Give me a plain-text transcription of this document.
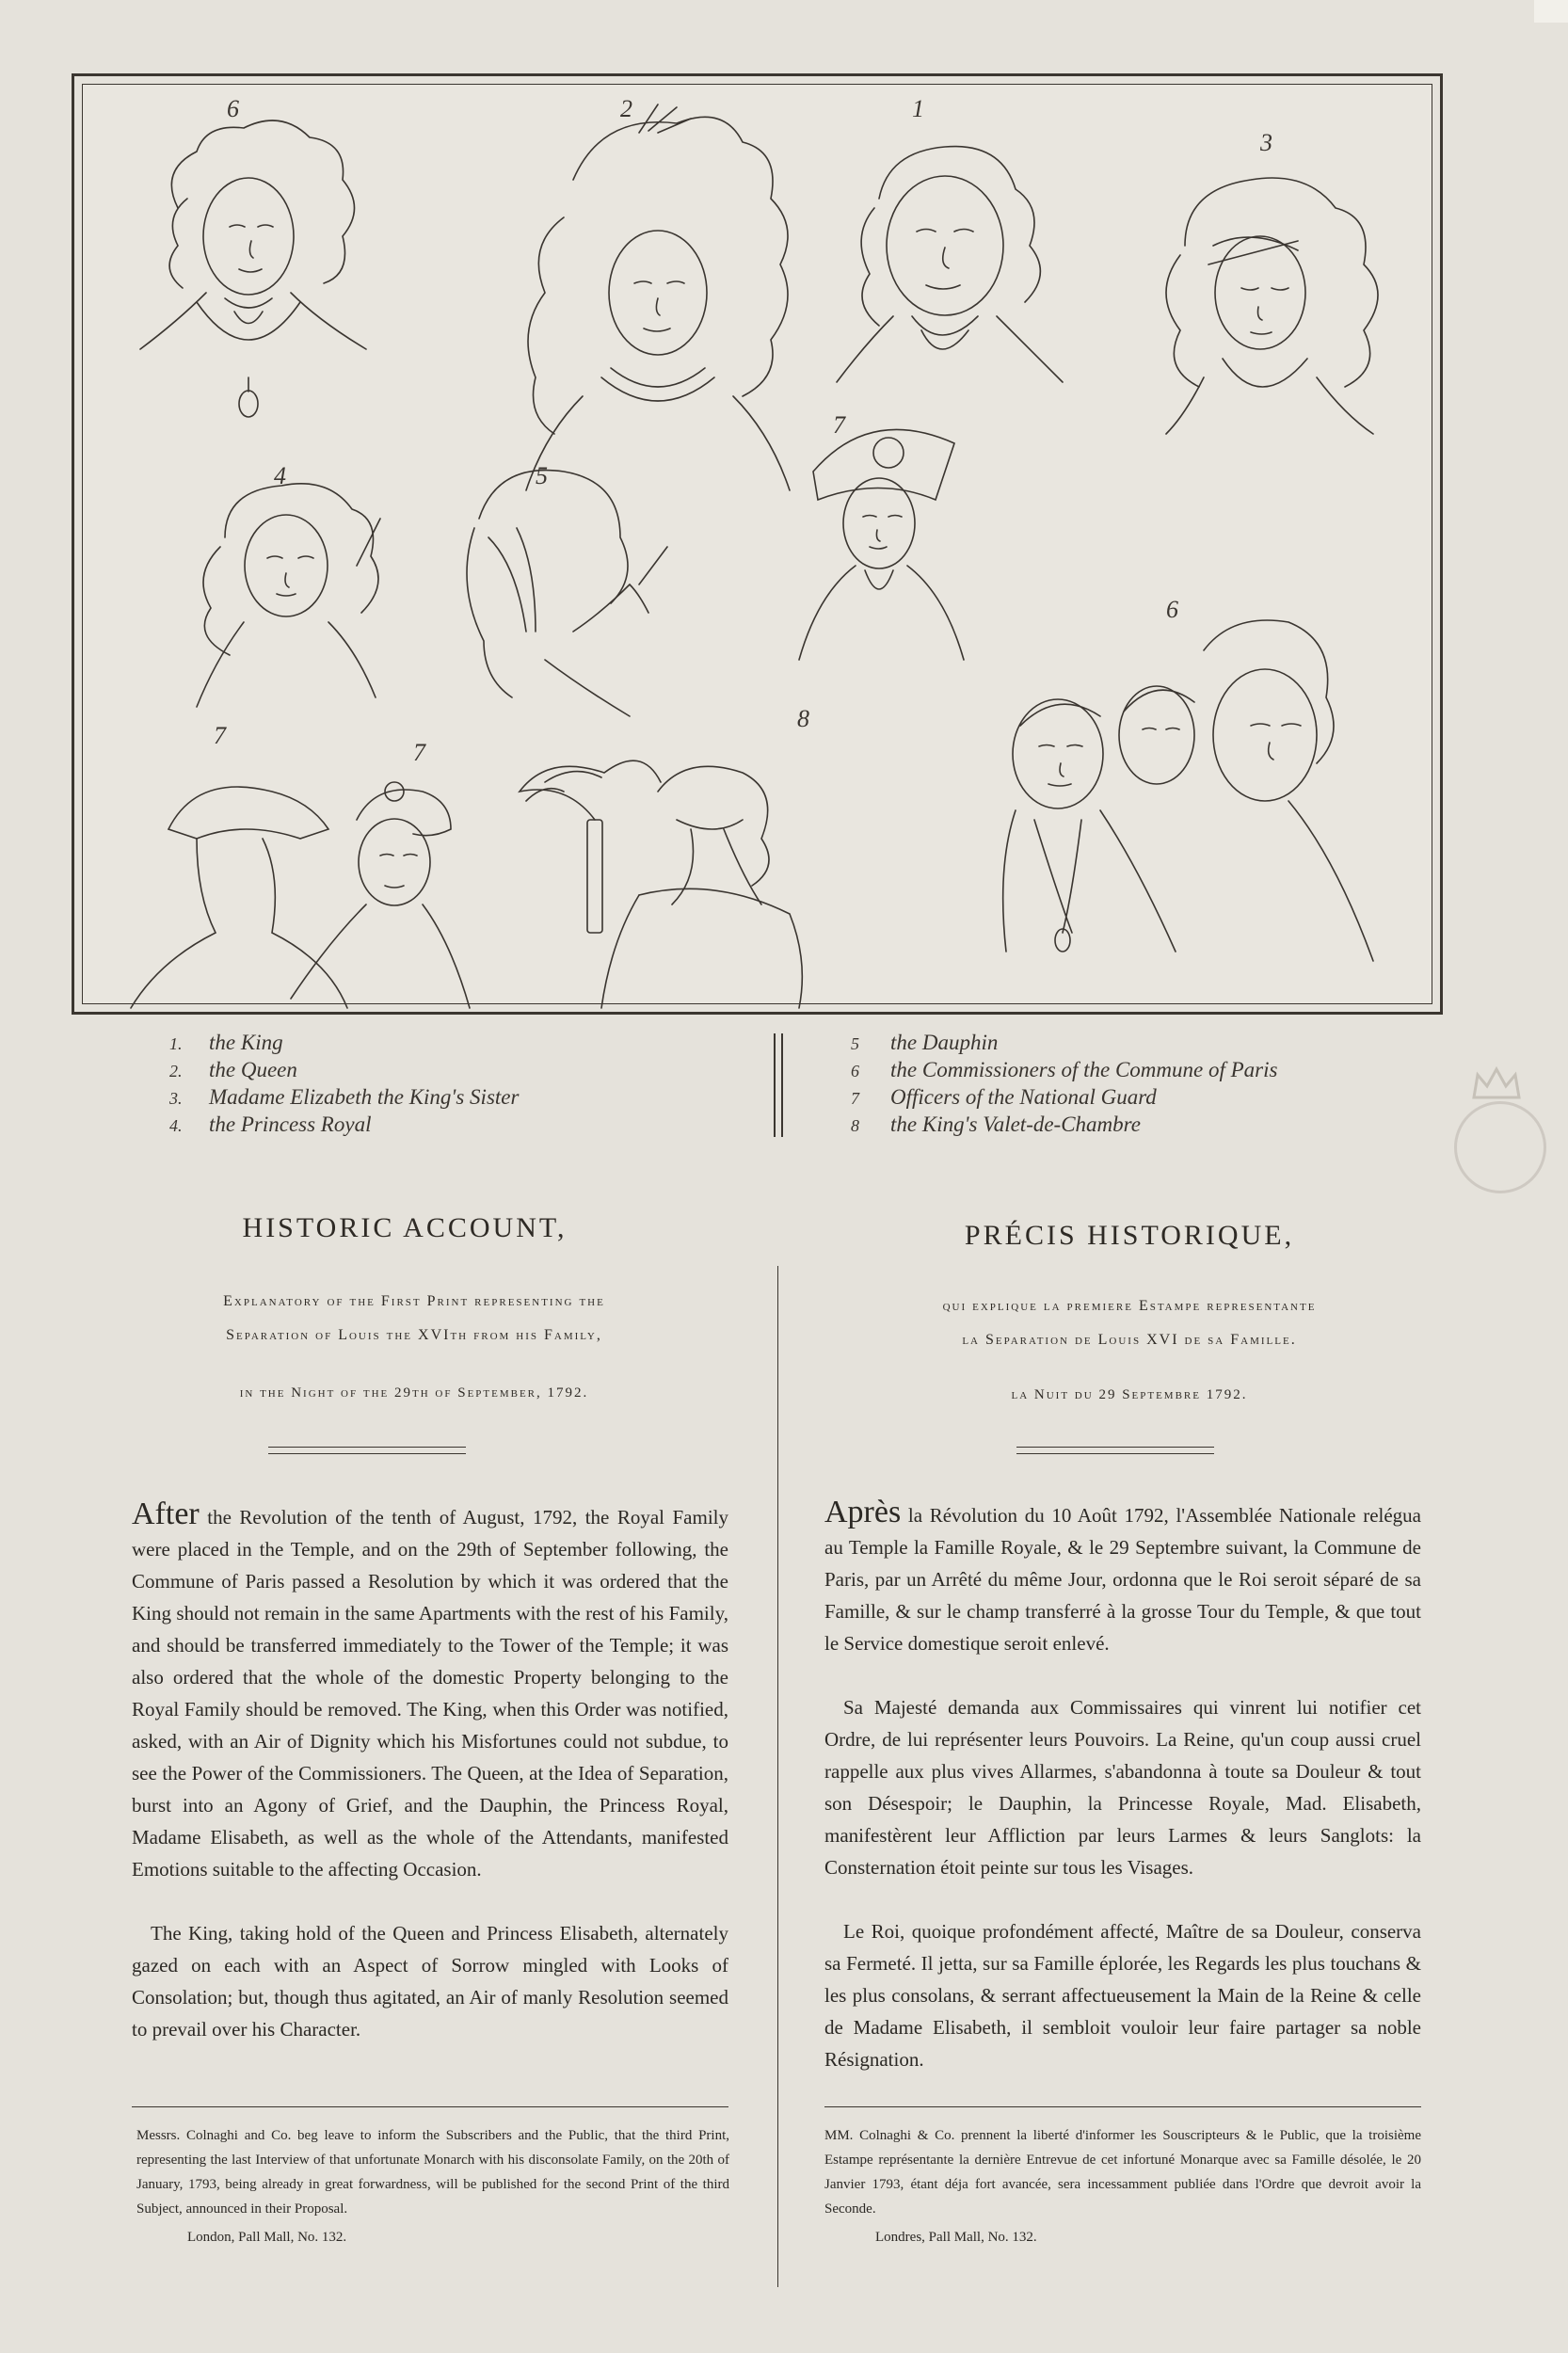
6	2	1
3
4	5
7
6
7
7
8
1.	the King
2.	the Queen
3.	Madame Elizabeth the King's Sister
4.	the Princess Royal
5	the Dauphin
6	the Commissioners of the Commune of Paris
7	Officers of the National Guard
8	the King's Valet-de-Chambre
HISTORIC ACCOUNT,
Explanatory of the First Print representing the
Separation of Louis the XVIth from his Family,
in the Night of the 29th of September, 1792.

After the Revolution of the tenth of August, 1792, the Royal Family were placed in the Temple, and on the 29th of September following, the Commune of Paris passed a Resolution by which it was ordered that the King should not remain in the same Apartments with the rest of his Family, and should be transferred immediately to the Tower of the Temple; it was also ordered that the whole of the domestic Property belonging to the Royal Family should be removed. The King, when this Order was notified, asked, with an Air of Dignity which his Misfortunes could not subdue, to see the Power of the Commissioners. The Queen, at the Idea of Separation, burst into an Agony of Grief, and the Dauphin, the Princess Royal, Madame Elisabeth, as well as the whole of the Attendants, manifested Emotions suitable to the affecting Occasion.

The King, taking hold of the Queen and Princess Elisabeth, alternately gazed on each with an Aspect of Sorrow mingled with Looks of Consolation; but, though thus agitated, an Air of manly Resolution seemed to prevail over his Character.

Messrs. Colnaghi and Co. beg leave to inform the Subscribers and the Public, that the third Print, representing the last Interview of that unfortunate Monarch with his disconsolate Family, on the 20th of January, 1793, being already in great forwardness, will be published for the second Print of the third Subject, announced in their Proposal.
London, Pall Mall, No. 132.
PRÉCIS HISTORIQUE,
qui explique la premiere Estampe representante
la Separation de Louis XVI de sa Famille.
la Nuit du 29 Septembre 1792.

Après la Révolution du 10 Août 1792, l'Assemblée Nationale relégua au Temple la Famille Royale, & le 29 Septembre suivant, la Commune de Paris, par un Arrêté du même Jour, ordonna que le Roi seroit séparé de sa Famille, & sur le champ transferré à la grosse Tour du Temple, & que tout le Service domestique seroit enlevé.

Sa Majesté demanda aux Commissaires qui vinrent lui notifier cet Ordre, de lui représenter leurs Pouvoirs. La Reine, qu'un coup aussi cruel rappelle aux plus vives Allarmes, s'abandonna à toute sa Douleur & tout son Désespoir; le Dauphin, la Princesse Royale, Mad. Elisabeth, manifestèrent leur Affliction par leurs Larmes & leurs Sanglots: la Consternation étoit peinte sur tous les Visages.

Le Roi, quoique profondément affecté, Maître de sa Douleur, conserva sa Fermeté. Il jetta, sur sa Famille éplorée, les Regards les plus touchans & les plus consolans, & serrant affectueusement la Main de la Reine & celle de Madame Elisabeth, il sembloit vouloir leur faire partager sa noble Résignation.

MM. Colnaghi & Co. prennent la liberté d'informer les Souscripteurs & le Public, que la troisième Estampe représentante la dernière Entrevue de cet infortuné Monarque avec sa Famille désolée, le 20 Janvier 1793, étant déja fort avancée, sera incessamment publiée dans l'Ordre que devroit avoir la Seconde.
Londres, Pall Mall, No. 132.
